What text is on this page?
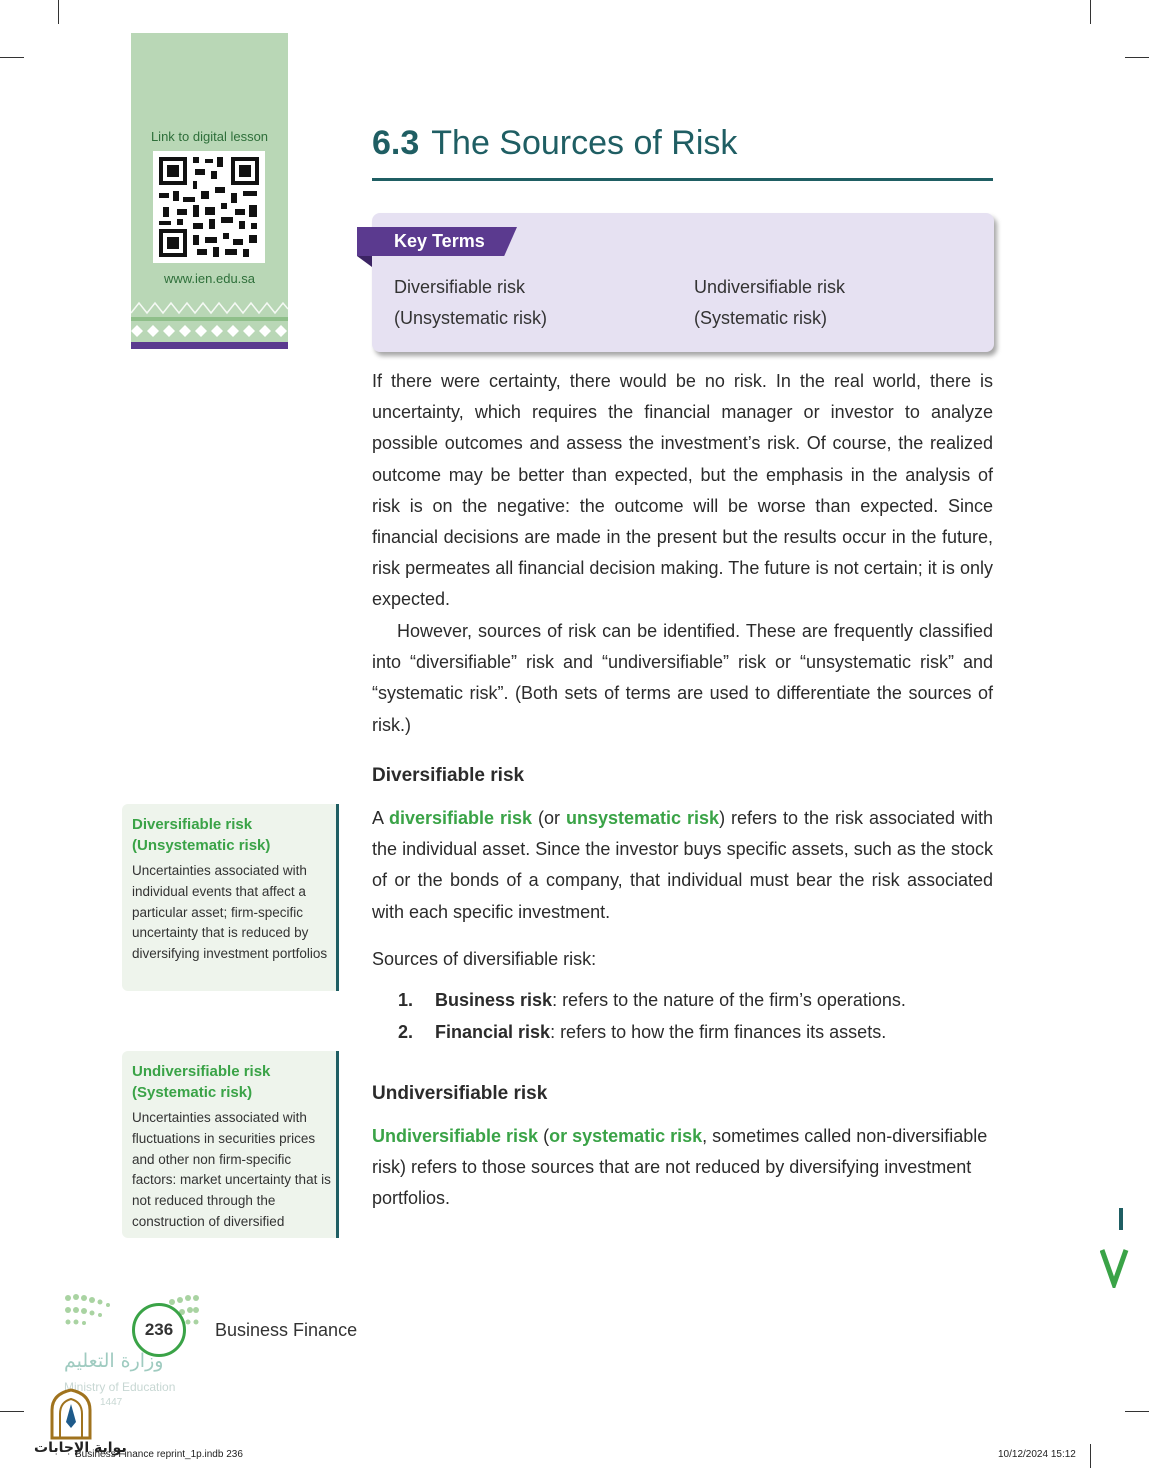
Link to digital lesson
www.ien.edu.sa
6.3 The Sources of Risk
Key Terms
Diversifiable risk
(Unsystematic risk)
Undiversifiable risk
(Systematic risk)
If there were certainty, there would be no risk. In the real world, there is uncertainty, which requires the financial manager or investor to analyze possible outcomes and assess the investment’s risk. Of course, the realized outcome may be better than expected, but the emphasis in the analysis of risk is on the negative: the outcome will be worse than expected. Since financial decisions are made in the present but the results occur in the future, risk permeates all financial decision making. The future is not certain; it is only expected.
However, sources of risk can be identified. These are frequently classified into “diversifiable” risk and “undiversifiable” risk or “unsystematic risk” and “systematic risk”. (Both sets of terms are used to differentiate the sources of risk.)
Diversifiable risk
A diversifiable risk (or unsystematic risk) refers to the risk associated with the individual asset. Since the investor buys specific assets, such as the stock of or the bonds of a company, that individual must bear the risk associated with each specific investment.
Sources of diversifiable risk:
1. Business risk: refers to the nature of the firm’s operations.
2. Financial risk: refers to how the firm finances its assets.
Undiversifiable risk
Undiversifiable risk (or systematic risk, sometimes called non-diversifiable risk) refers to those sources that are not reduced by diversifying investment portfolios.
Diversifiable risk (Unsystematic risk)
Uncertainties associated with individual events that affect a particular asset; firm-specific uncertainty that is reduced by diversifying investment portfolios
Undiversifiable risk (Systematic risk)
Uncertainties associated with fluctuations in securities prices and other non firm-specific factors: market uncertainty that is not reduced through the construction of diversified
236	Business Finance
وزارة التعليم
Ministry of Education
1447
بوابة الإجابات
Business Finance reprint_1p.indb 236	10/12/2024 15:12
